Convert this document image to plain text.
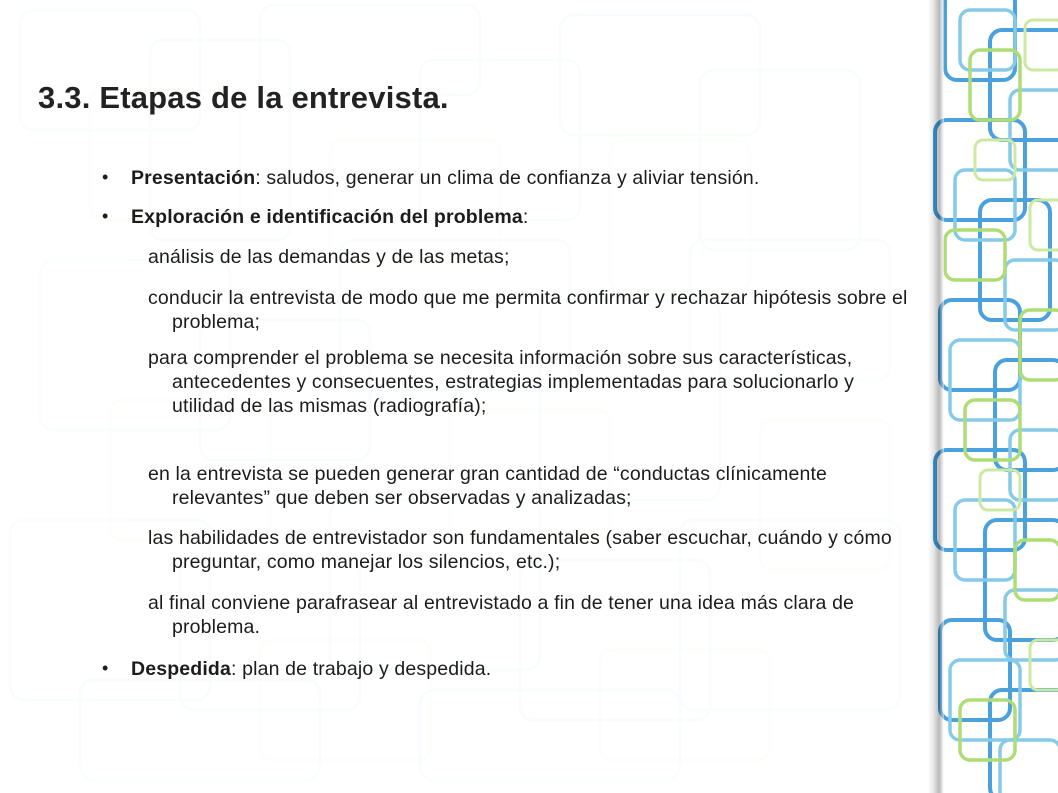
3.3. Etapas de la entrevista.
• Presentación: saludos, generar un clima de confianza y aliviar tensión.
• Exploración e identificación del problema:

análisis de las demandas y de las metas;

conducir la entrevista de modo que me permita confirmar y rechazar hipótesis sobre el problema;

para comprender el problema se necesita información sobre sus características, antecedentes y consecuentes, estrategias implementadas para solucionarlo y utilidad de las mismas (radiografía);

en la entrevista se pueden generar gran cantidad de “conductas clínicamente relevantes” que deben ser observadas y analizadas;

las habilidades de entrevistador son fundamentales (saber escuchar, cuándo y cómo preguntar, como manejar los silencios, etc.);

al final conviene parafrasear al entrevistado a fin de tener una idea más clara de problema.

• Despedida: plan de trabajo y despedida.
